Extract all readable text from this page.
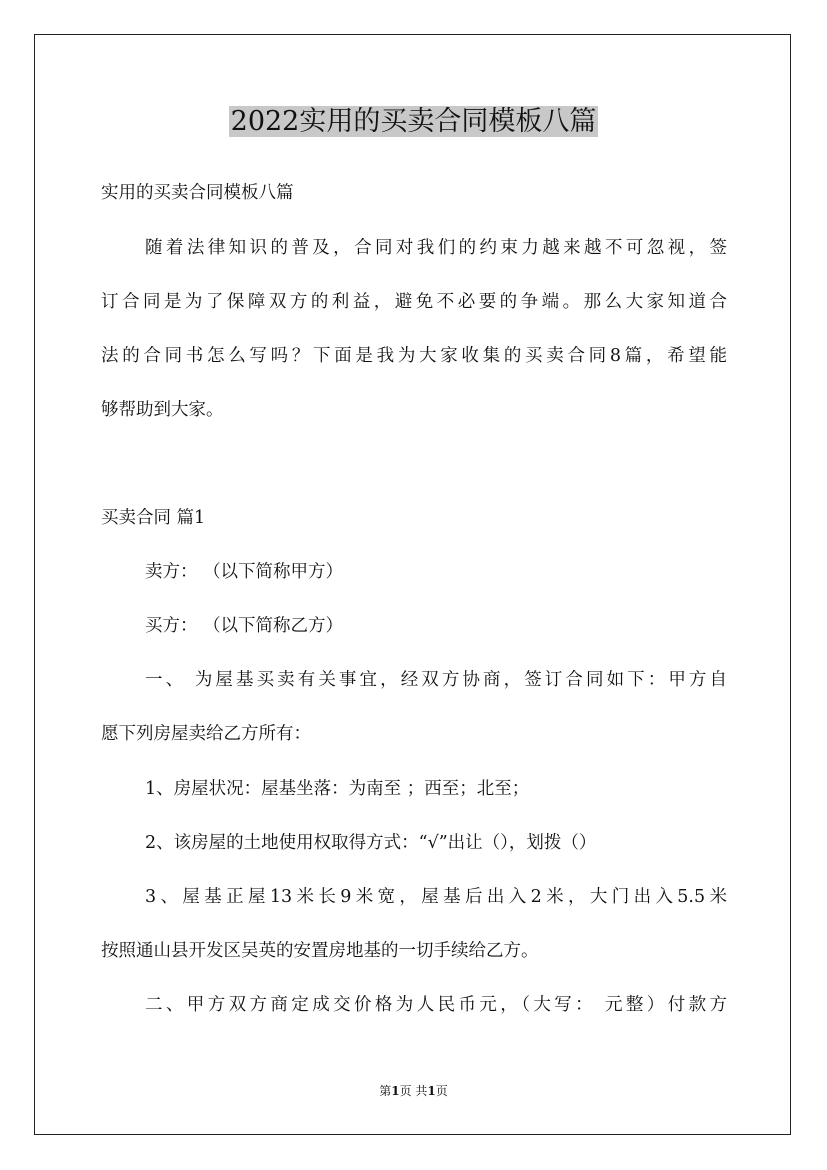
2022实用的买卖合同模板八篇
实用的买卖合同模板八篇
随着法律知识的普及，合同对我们的约束力越来越不可忽视，签
订合同是为了保障双方的利益，避免不必要的争端。那么大家知道合
法的合同书怎么写吗？下面是我为大家收集的买卖合同8篇，希望能
够帮助到大家。
买卖合同 篇1
卖方： （以下简称甲方）
买方： （以下简称乙方）
一、 为屋基买卖有关事宜，经双方协商，签订合同如下：甲方自
愿下列房屋卖给乙方所有：
1、房屋状况：屋基坐落：为南至 ；西至；北至；
2、该房屋的土地使用权取得方式：“√”出让（），划拨（）
3、屋基正屋13米长9米宽，屋基后出入2米，大门出入5.5米
按照通山县开发区吴英的安置房地基的一切手续给乙方。
二、甲方双方商定成交价格为人民币元，（大写： 元整）付款方
第1页 共1页
